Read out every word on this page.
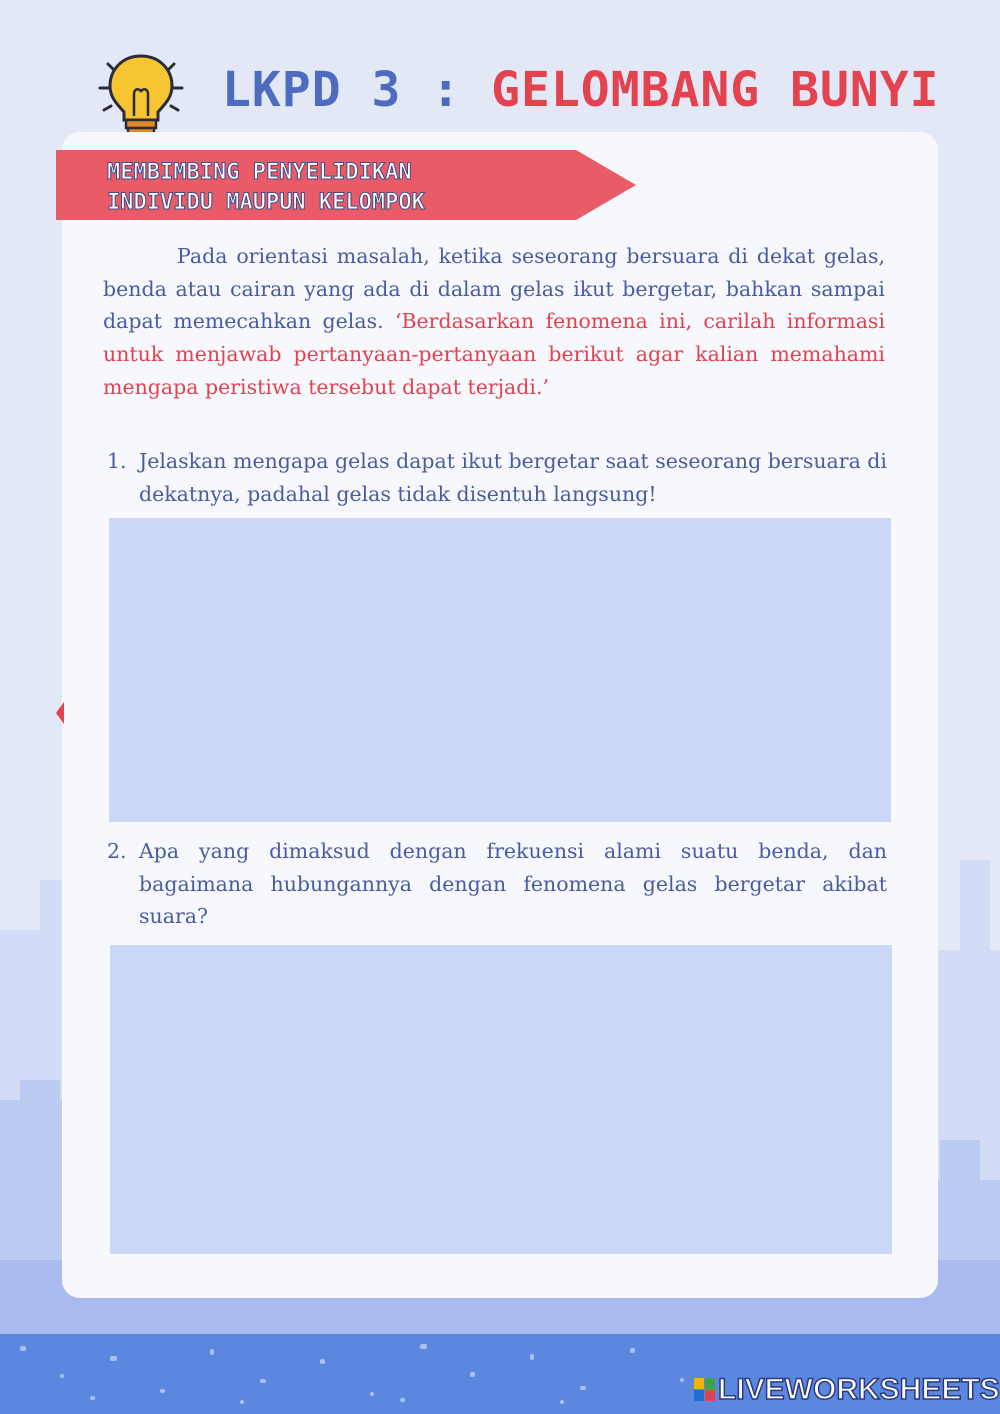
LKPD 3 : GELOMBANG BUNYI
MEMBIMBING PENYELIDIKAN
INDIVIDU MAUPUN KELOMPOK
Pada orientasi masalah, ketika seseorang bersuara di dekat gelas, benda atau cairan yang ada di dalam gelas ikut bergetar, bahkan sampai dapat memecahkan gelas. ‘Berdasarkan fenomena ini, carilah informasi untuk menjawab pertanyaan-pertanyaan berikut agar kalian memahami mengapa peristiwa tersebut dapat terjadi.’
1. Jelaskan mengapa gelas dapat ikut bergetar saat seseorang bersuara di dekatnya, padahal gelas tidak disentuh langsung!
2. Apa yang dimaksud dengan frekuensi alami suatu benda, dan bagaimana hubungannya dengan fenomena gelas bergetar akibat suara?
LIVEWORKSHEETS
